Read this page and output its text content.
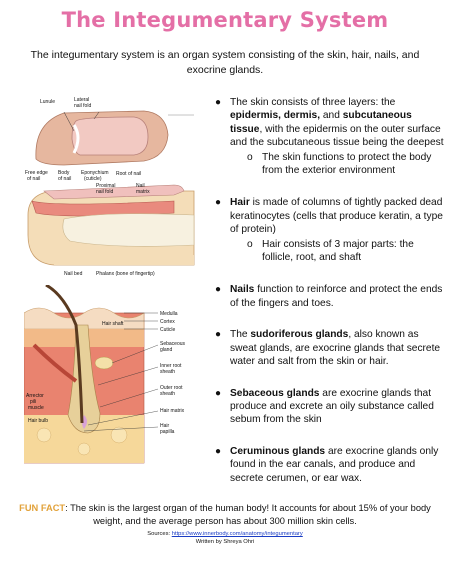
The Integumentary System
The integumentary system is an organ system consisting of the skin, hair, nails, and exocrine glands.
Lunule	Lateral
nail fold
Free edge
of nail
Body
of nail
Eponychium
(cuticle)
Root of nail
Proximal
nail fold
Nail
matrix
Nail bed	Phalanx (bone of fingertip)
Medulla
Cortex
Cuticle
Hair shaft
Sebaceous
gland
Inner root
sheath
Arrector
pili
muscle
Outer root
sheath
Hair bulb
Hair matrix
Hair
papilla
● The skin consists of three layers: the epidermis, dermis, and subcutaneous tissue, with the epidermis on the outer surface and the subcutaneous tissue being the deepest
o The skin functions to protect the body from the exterior environment
● Hair is made of columns of tightly packed dead keratinocytes (cells that produce keratin, a type of protein)
o Hair consists of 3 major parts: the follicle, root, and shaft
● Nails function to reinforce and protect the ends of the fingers and toes.
● The sudoriferous glands, also known as sweat glands, are exocrine glands that secrete water and salt from the skin or hair.
● Sebaceous glands are exocrine glands that produce and excrete an oily substance called sebum from the skin
● Ceruminous glands are exocrine glands only found in the ear canals, and produce and secrete cerumen, or ear wax.
FUN FACT: The skin is the largest organ of the human body! It accounts for about 15% of your body weight, and the average person has about 300 million skin cells.
Sources: https://www.innerbody.com/anatomy/integumentary
Written by Shreya Ohri
